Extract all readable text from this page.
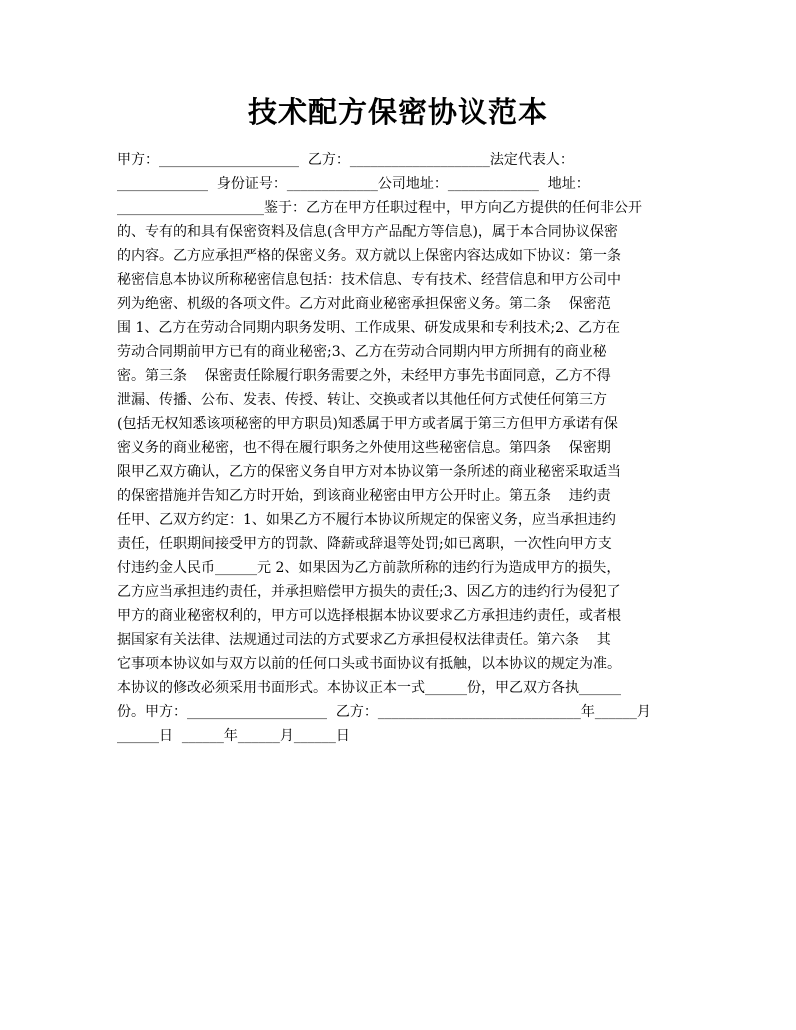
技术配方保密协议范本
甲方：____________________  乙方：____________________法定代表人：
_____________  身份证号：_____________公司地址：_____________  地址：
_____________________鉴于：乙方在甲方任职过程中，甲方向乙方提供的任何非公开
的、专有的和具有保密资料及信息(含甲方产品配方等信息)，属于本合同协议保密
的内容。乙方应承担严格的保密义务。双方就以上保密内容达成如下协议：第一条
秘密信息本协议所称秘密信息包括：技术信息、专有技术、经营信息和甲方公司中
列为绝密、机级的各项文件。乙方对此商业秘密承担保密义务。第二条    保密范
围 1、乙方在劳动合同期内职务发明、工作成果、研发成果和专利技术;2、乙方在
劳动合同期前甲方已有的商业秘密;3、乙方在劳动合同期内甲方所拥有的商业秘
密。第三条    保密责任除履行职务需要之外，未经甲方事先书面同意，乙方不得
泄漏、传播、公布、发表、传授、转让、交换或者以其他任何方式使任何第三方
(包括无权知悉该项秘密的甲方职员)知悉属于甲方或者属于第三方但甲方承诺有保
密义务的商业秘密，也不得在履行职务之外使用这些秘密信息。第四条    保密期
限甲乙双方确认，乙方的保密义务自甲方对本协议第一条所述的商业秘密采取适当
的保密措施并告知乙方时开始，到该商业秘密由甲方公开时止。第五条    违约责
任甲、乙双方约定：1、如果乙方不履行本协议所规定的保密义务，应当承担违约
责任，任职期间接受甲方的罚款、降薪或辞退等处罚;如已离职，一次性向甲方支
付违约金人民币______元 2、如果因为乙方前款所称的违约行为造成甲方的损失，
乙方应当承担违约责任，并承担赔偿甲方损失的责任;3、因乙方的违约行为侵犯了
甲方的商业秘密权利的，甲方可以选择根据本协议要求乙方承担违约责任，或者根
据国家有关法律、法规通过司法的方式要求乙方承担侵权法律责任。第六条    其
它事项本协议如与双方以前的任何口头或书面协议有抵触，以本协议的规定为准。
本协议的修改必须采用书面形式。本协议正本一式______份，甲乙双方各执______
份。甲方：____________________  乙方：_____________________________年______月
______日  ______年______月______日
